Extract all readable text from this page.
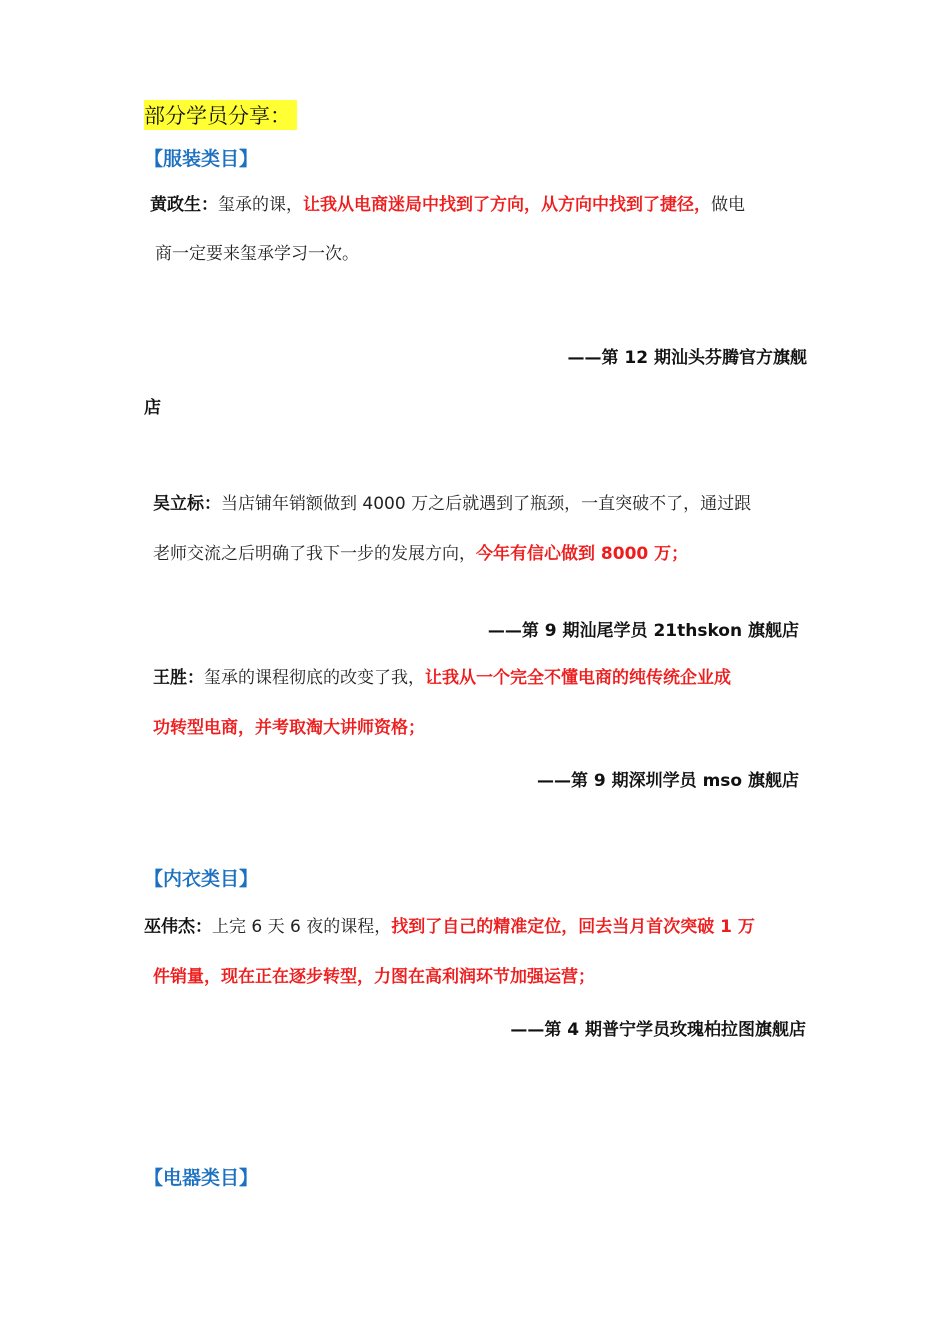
部分学员分享：
【服装类目】
黄政生：玺承的课，让我从电商迷局中找到了方向，从方向中找到了捷径，做电
商一定要来玺承学习一次。
——第 12 期汕头芬腾官方旗舰
店
吴立标：当店铺年销额做到 4000 万之后就遇到了瓶颈，一直突破不了，通过跟
老师交流之后明确了我下一步的发展方向，今年有信心做到 8000 万；
——第 9 期汕尾学员 21thskon 旗舰店
王胜：玺承的课程彻底的改变了我，让我从一个完全不懂电商的纯传统企业成
功转型电商，并考取淘大讲师资格；
——第 9 期深圳学员 mso 旗舰店
【内衣类目】
巫伟杰：上完 6 天 6 夜的课程，找到了自己的精准定位，回去当月首次突破 1 万
件销量，现在正在逐步转型，力图在高利润环节加强运营；
——第 4 期普宁学员玫瑰柏拉图旗舰店
【电器类目】
